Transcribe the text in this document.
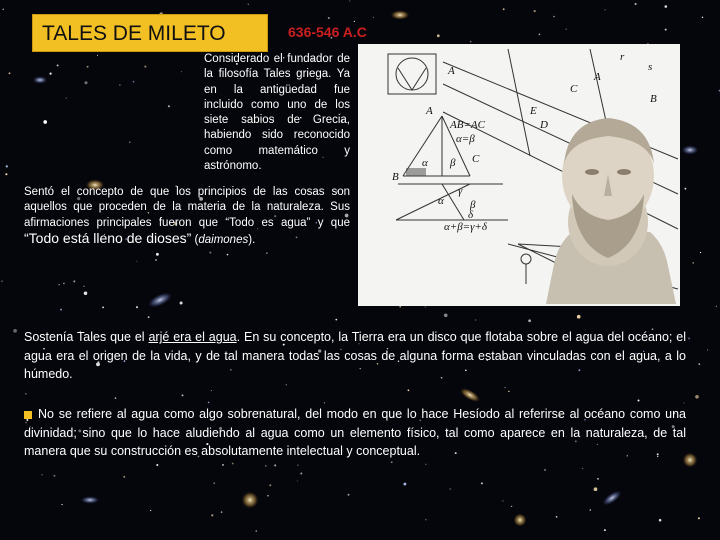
TALES DE MILETO	636-546 A.C
Considerado el fundador de la filosofía Tales griega. Ya en la antigüedad fue incluido como uno de los siete sabios de Grecia, habiendo sido reconocido como matemático y astrónomo.
Sentó el concepto de que los principios de las cosas son aquellos que proceden de la materia de la naturaleza. Sus afirmaciones principales fueron que “Todo es agua” y que “Todo está lleno de dioses” (daimones).
A
r
s
A
C
B
E
D
A
AB=AC
α=β
B
α β C
γ
α β
δ
α+β=γ+δ
Sostenía Tales que el arjé era el agua. En su concepto, la Tierra era un disco que flotaba sobre el agua del océano; el agua era el origen de la vida, y de tal manera todas las cosas de alguna forma estaban vinculadas con el agua, a lo húmedo.
No se refiere al agua como algo sobrenatural, del modo en que lo hace Hesíodo al referirse al océano como una divinidad; sino que lo hace aludiendo al agua como un elemento físico, tal como aparece en la naturaleza, de tal manera que su construcción es absolutamente intelectual y conceptual.
